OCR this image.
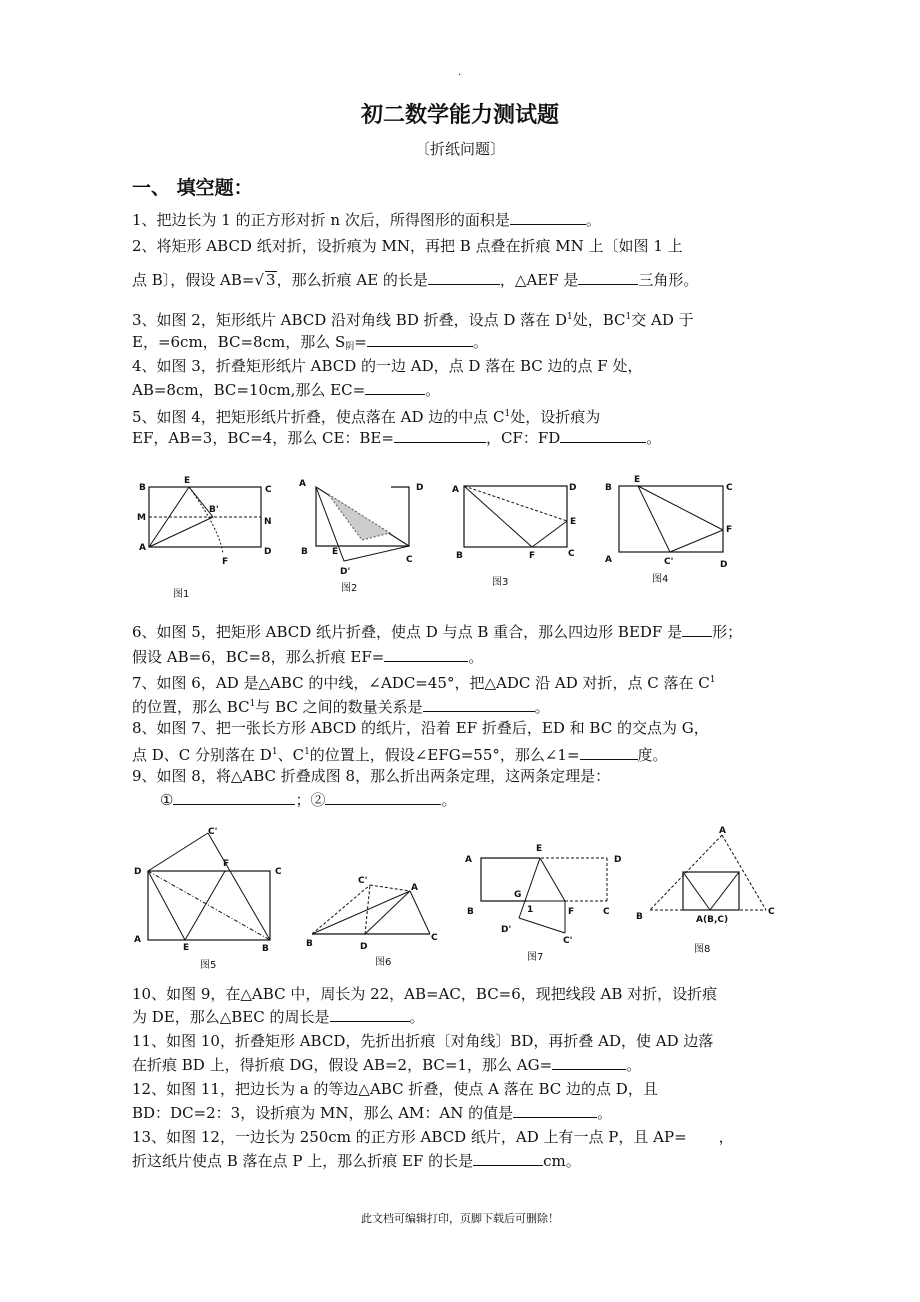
·
初二数学能力测试题
〔折纸问题〕
一、 填空题：
1、把边长为 1 的正方形对折 n 次后，所得图形的面积是	。
2、将矩形 ABCD 纸对折，设折痕为 MN，再把 B 点叠在折痕 MN 上〔如图 1 上
点 B〕，假设 AB=√ 3，那么折痕 AE 的长是	，△AEF 是	三角形。
3、如图 2，矩形纸片 ABCD 沿对角线 BD 折叠，设点 D 落在 $D^1$处，$BC^1$交 AD 于
E，=6cm，BC=8cm，那么 $S_阴=$	。
4、如图 3，折叠矩形纸片 ABCD 的一边 AD，点 D 落在 BC 边的点 F 处，
AB=8cm，BC=10cm,那么 EC=	。
5、如图 4，把矩形纸片折叠，使点落在 AD 边的中点 $C^1$处，设折痕为
EF，AB=3，BC=4，那么 CE：BE=	，CF：FD	。
B
E
C
M
B'
N
A
F
D
图1
A	D
B	E
C
D'
图2
A	D
E
B	F	C
图3
B
E
C
F
A	C'	D
图4
6、如图 5，把矩形 ABCD 纸片折叠，使点 D 与点 B 重合，那么四边形 BEDF 是 形；
假设 AB=6，BC=8，那么折痕 EF=	。
7、如图 6，AD 是△ABC 的中线，∠ADC=45°，把△ADC 沿 AD 对折，点 C 落在 $C^1$
的位置，那么 $BC^1$与 BC 之间的数量关系是	。
8、如图 7、把一张长方形 ABCD 的纸片，沿着 EF 折叠后，ED 和 BC 的交点为 G，
点 D、C 分别落在 $D^1$、$C^1$的位置上，假设∠EFG=55°，那么∠1=	度。
9、如图 8，将△ABC 折叠成图 8，那么折出两条定理，这两条定理是：
①	；②	。
C'
D
F
C
A
E	B
图5
C'
A
B	D
C
图6
A
E
D
G
1
B	F	C
D'
C'
图7
A
B	A(B,C)
C
图8
10、如图 9，在△ABC 中，周长为 22，AB=AC，BC=6，现把线段 AB 对折，设折痕
为 DE，那么△BEC 的周长是	。
11、如图 10，折叠矩形 ABCD，先折出折痕〔对角线〕BD，再折叠 AD，使 AD 边落
在折痕 BD 上，得折痕 DG，假设 AB=2，BC=1，那么 AG=	。
12、如图 11，把边长为 a 的等边△ABC 折叠，使点 A 落在 BC 边的点 D，且
BD：DC=2：3，设折痕为 MN，那么 AM：AN 的值是	。
13、如图 12，一边长为 250cm 的正方形 ABCD 纸片，AD 上有一点 P，且 AP= ，
折这纸片使点 B 落在点 P 上，那么折痕 EF 的长是	cm。
此文档可编辑打印，页脚下载后可删除！
